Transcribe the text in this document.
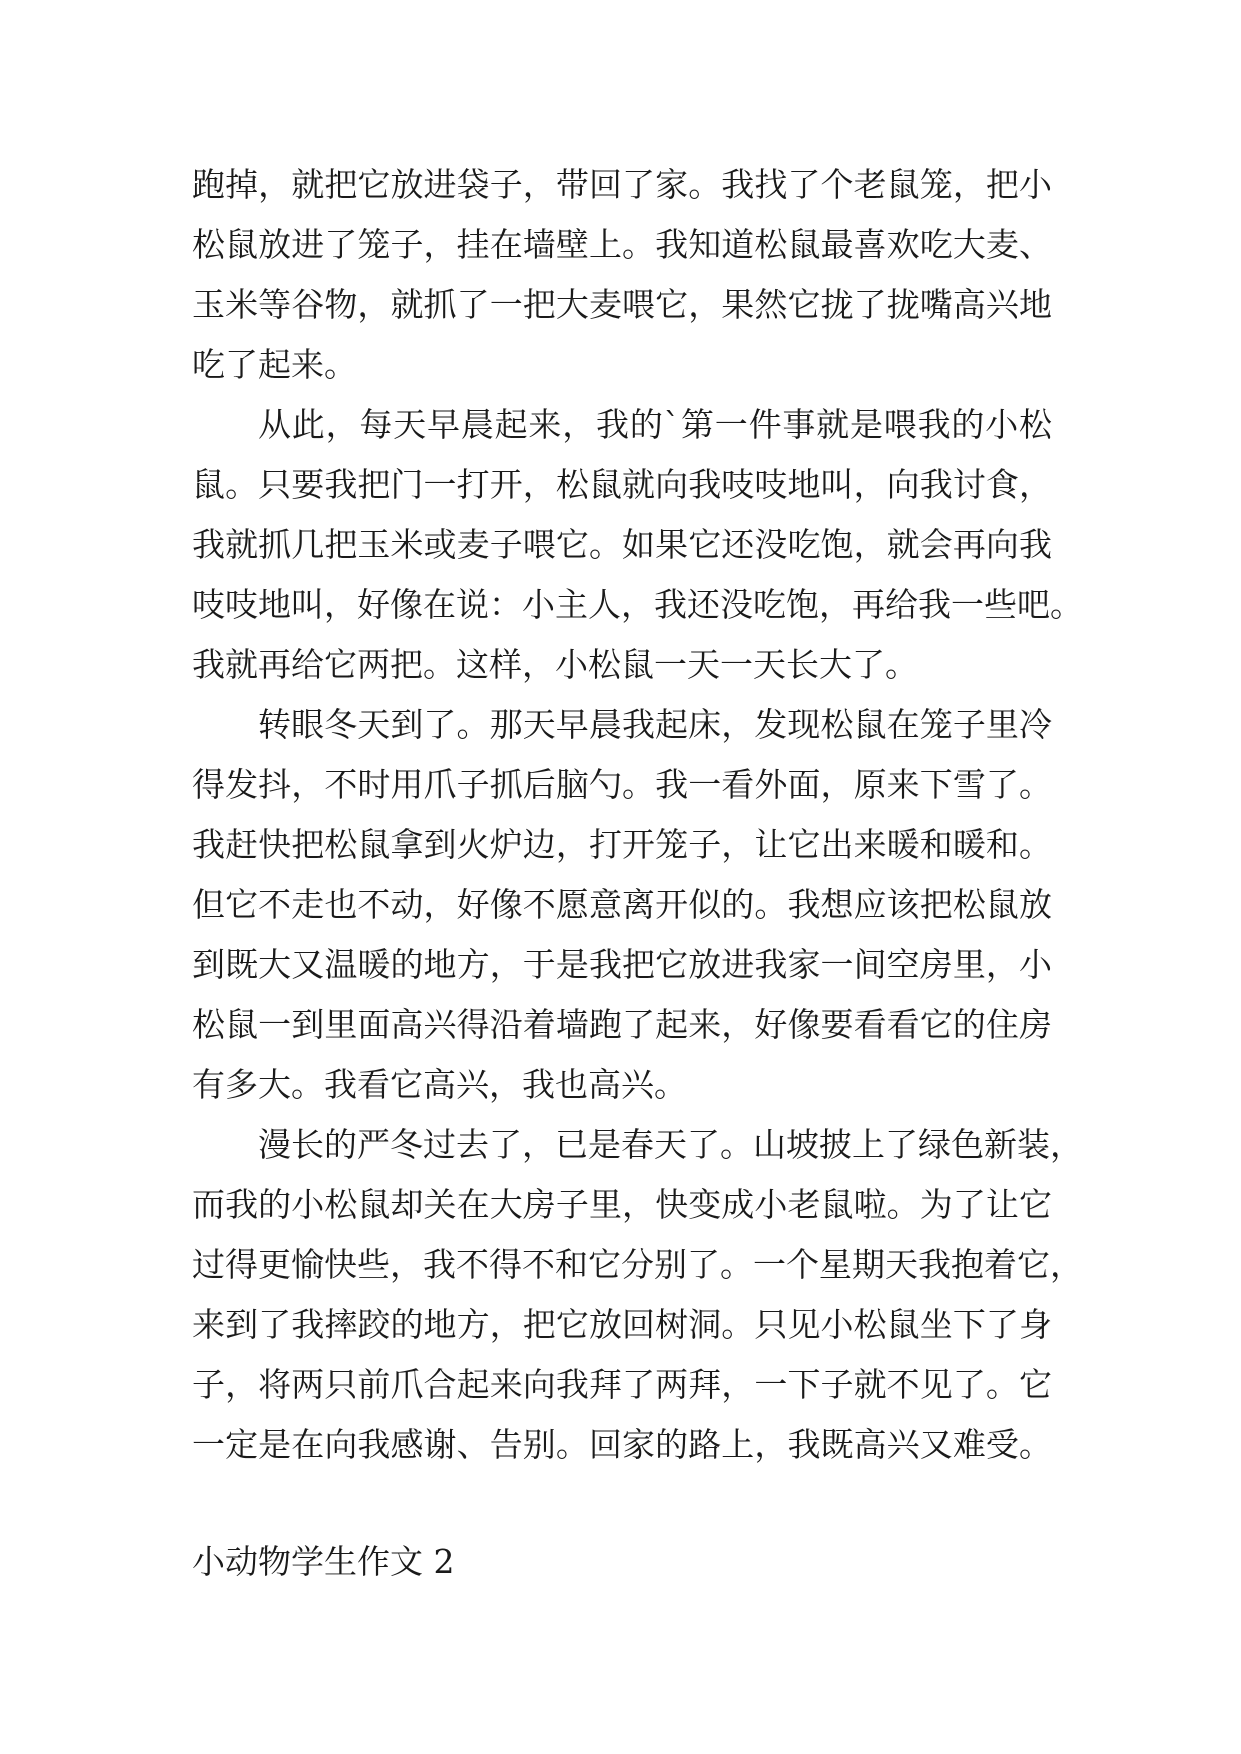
跑掉，就把它放进袋子，带回了家。我找了个老鼠笼，把小
松鼠放进了笼子，挂在墙壁上。我知道松鼠最喜欢吃大麦、
玉米等谷物，就抓了一把大麦喂它，果然它拢了拢嘴高兴地
吃了起来。
从此，每天早晨起来，我的`第一件事就是喂我的小松
鼠。只要我把门一打开，松鼠就向我吱吱地叫，向我讨食，
我就抓几把玉米或麦子喂它。如果它还没吃饱，就会再向我
吱吱地叫，好像在说：小主人，我还没吃饱，再给我一些吧。
我就再给它两把。这样，小松鼠一天一天长大了。
转眼冬天到了。那天早晨我起床，发现松鼠在笼子里冷
得发抖，不时用爪子抓后脑勺。我一看外面，原来下雪了。
我赶快把松鼠拿到火炉边，打开笼子，让它出来暖和暖和。
但它不走也不动，好像不愿意离开似的。我想应该把松鼠放
到既大又温暖的地方，于是我把它放进我家一间空房里，小
松鼠一到里面高兴得沿着墙跑了起来，好像要看看它的住房
有多大。我看它高兴，我也高兴。
漫长的严冬过去了，已是春天了。山坡披上了绿色新装，
而我的小松鼠却关在大房子里，快变成小老鼠啦。为了让它
过得更愉快些，我不得不和它分别了。一个星期天我抱着它，
来到了我摔跤的地方，把它放回树洞。只见小松鼠坐下了身
子，将两只前爪合起来向我拜了两拜，一下子就不见了。它
一定是在向我感谢、告别。回家的路上，我既高兴又难受。
小动物学生作文 2
